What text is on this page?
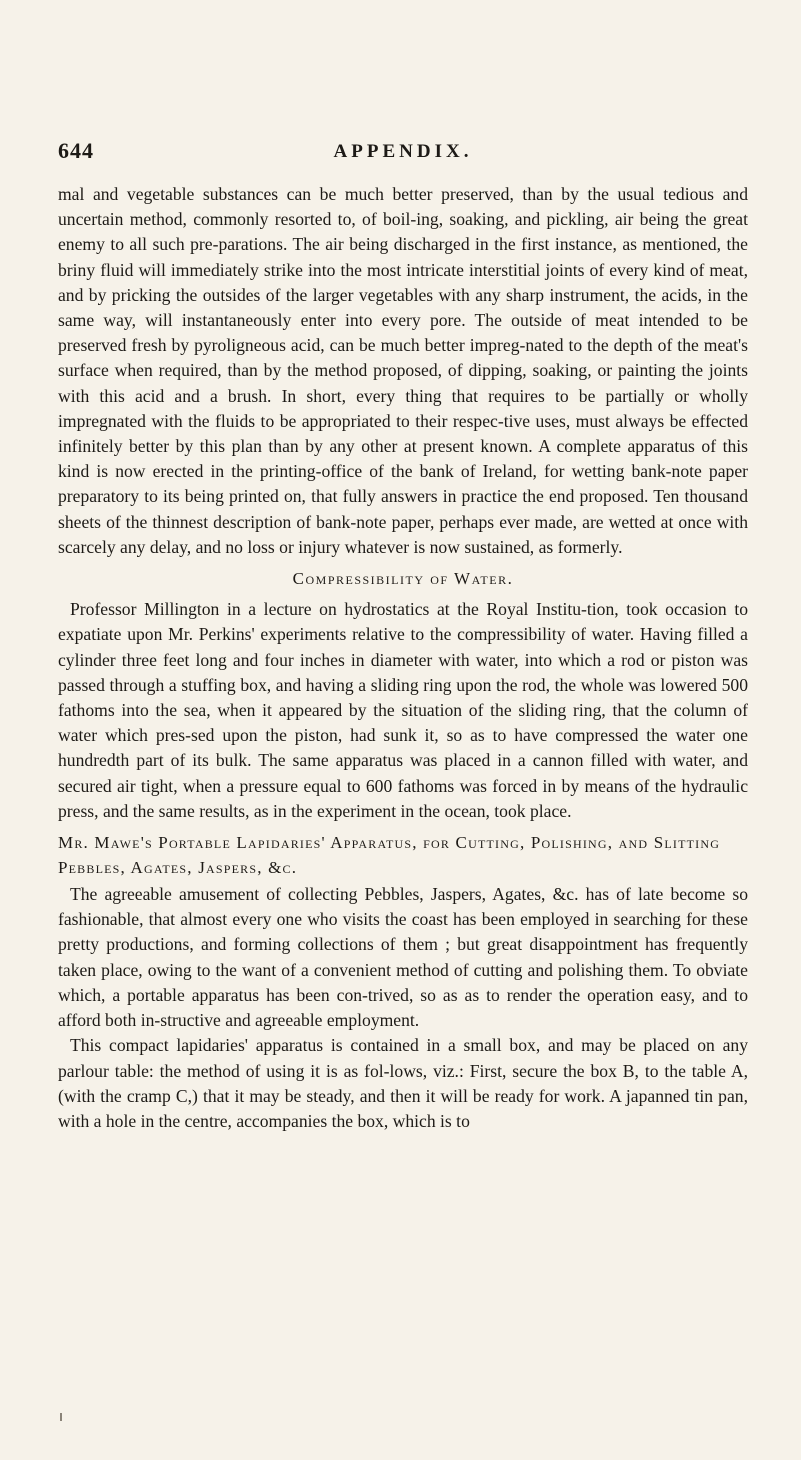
644	APPENDIX.

mal and vegetable substances can be much better preserved, than by the usual tedious and uncertain method, commonly resorted to, of boil-ing, soaking, and pickling, air being the great enemy to all such pre-parations. The air being discharged in the first instance, as mentioned, the briny fluid will immediately strike into the most intricate interstitial joints of every kind of meat, and by pricking the outsides of the larger vegetables with any sharp instrument, the acids, in the same way, will instantaneously enter into every pore. The outside of meat intended to be preserved fresh by pyroligneous acid, can be much better impreg-nated to the depth of the meat's surface when required, than by the method proposed, of dipping, soaking, or painting the joints with this acid and a brush. In short, every thing that requires to be partially or wholly impregnated with the fluids to be appropriated to their respec-tive uses, must always be effected infinitely better by this plan than by any other at present known. A complete apparatus of this kind is now erected in the printing-office of the bank of Ireland, for wetting bank-note paper preparatory to its being printed on, that fully answers in practice the end proposed. Ten thousand sheets of the thinnest description of bank-note paper, perhaps ever made, are wetted at once with scarcely any delay, and no loss or injury whatever is now sustained, as formerly.

Compressibility of Water.

Professor Millington in a lecture on hydrostatics at the Royal Institu-tion, took occasion to expatiate upon Mr. Perkins' experiments relative to the compressibility of water. Having filled a cylinder three feet long and four inches in diameter with water, into which a rod or piston was passed through a stuffing box, and having a sliding ring upon the rod, the whole was lowered 500 fathoms into the sea, when it appeared by the situation of the sliding ring, that the column of water which pres-sed upon the piston, had sunk it, so as to have compressed the water one hundredth part of its bulk. The same apparatus was placed in a cannon filled with water, and secured air tight, when a pressure equal to 600 fathoms was forced in by means of the hydraulic press, and the same results, as in the experiment in the ocean, took place.

Mr. Mawe's Portable Lapidaries' Apparatus, for Cutting, Polishing, and Slitting Pebbles, Agates, Jaspers, &c.

The agreeable amusement of collecting Pebbles, Jaspers, Agates, &c. has of late become so fashionable, that almost every one who visits the coast has been employed in searching for these pretty productions, and forming collections of them ; but great disappointment has frequently taken place, owing to the want of a convenient method of cutting and polishing them. To obviate which, a portable apparatus has been con-trived, so as as to render the operation easy, and to afford both in-structive and agreeable employment.

This compact lapidaries' apparatus is contained in a small box, and may be placed on any parlour table: the method of using it is as fol-lows, viz.: First, secure the box B, to the table A, (with the cramp C,) that it may be steady, and then it will be ready for work. A japanned tin pan, with a hole in the centre, accompanies the box, which is to
